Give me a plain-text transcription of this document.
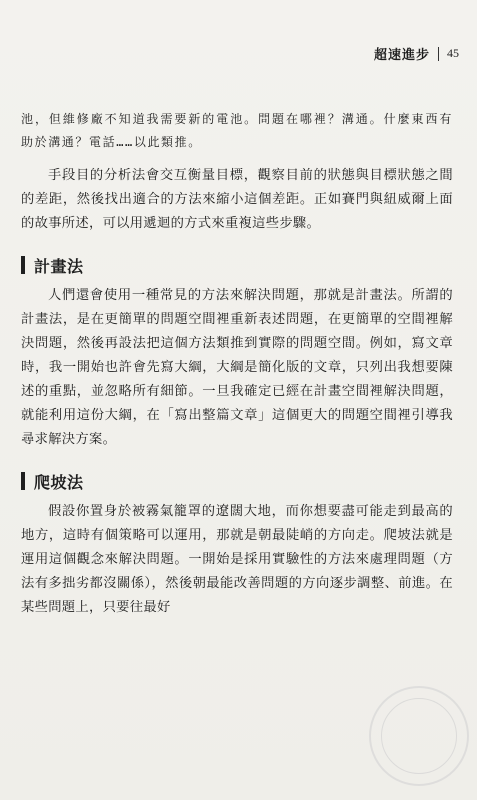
超速進步 45

池，但維修廠不知道我需要新的電池。問題在哪裡？溝通。什麼東西有助於溝通？電話……以此類推。

手段目的分析法會交互衡量目標，觀察目前的狀態與目標狀態之間的差距，然後找出適合的方法來縮小這個差距。正如賽門與紐威爾上面的故事所述，可以用遞迴的方式來重複這些步驟。

計畫法

人們還會使用一種常見的方法來解決問題，那就是計畫法。所謂的計畫法，是在更簡單的問題空間裡重新表述問題，在更簡單的空間裡解決問題，然後再設法把這個方法類推到實際的問題空間。例如，寫文章時，我一開始也許會先寫大綱，大綱是簡化版的文章，只列出我想要陳述的重點，並忽略所有細節。一旦我確定已經在計畫空間裡解決問題，就能利用這份大綱，在「寫出整篇文章」這個更大的問題空間裡引導我尋求解決方案。

爬坡法

假設你置身於被霧氣籠罩的遼闊大地，而你想要盡可能走到最高的地方，這時有個策略可以運用，那就是朝最陡峭的方向走。爬坡法就是運用這個觀念來解決問題。一開始是採用實驗性的方法來處理問題（方法有多拙劣都沒關係），然後朝最能改善問題的方向逐步調整、前進。在某些問題上，只要往最好
